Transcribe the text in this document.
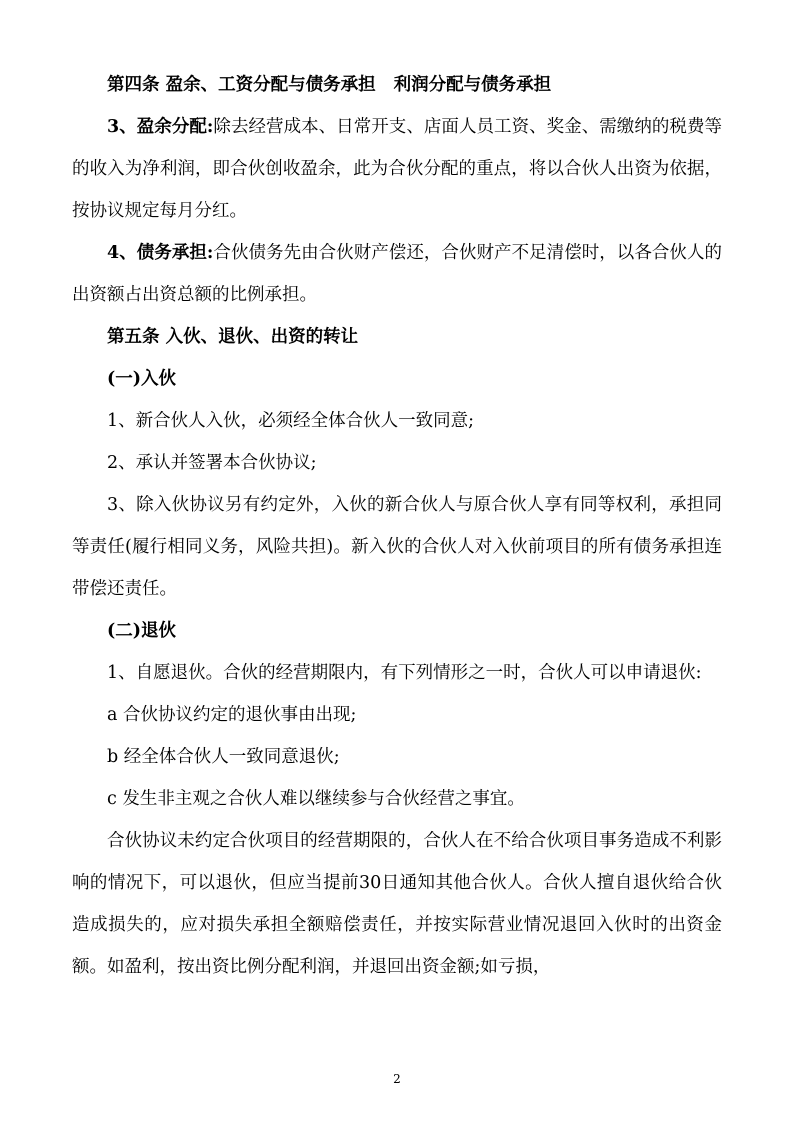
第四条 盈余、工资分配与债务承担 利润分配与债务承担

3、盈余分配:除去经营成本、日常开支、店面人员工资、奖金、需缴纳的税费等的收入为净利润，即合伙创收盈余，此为合伙分配的重点，将以合伙人出资为依据，按协议规定每月分红。

4、债务承担:合伙债务先由合伙财产偿还，合伙财产不足清偿时，以各合伙人的出资额占出资总额的比例承担。

第五条 入伙、退伙、出资的转让

(一)入伙

1、新合伙人入伙，必须经全体合伙人一致同意;

2、承认并签署本合伙协议;

3、除入伙协议另有约定外，入伙的新合伙人与原合伙人享有同等权利，承担同等责任(履行相同义务，风险共担)。新入伙的合伙人对入伙前项目的所有债务承担连带偿还责任。

(二)退伙

1、自愿退伙。合伙的经营期限内，有下列情形之一时，合伙人可以申请退伙:

a 合伙协议约定的退伙事由出现;

b 经全体合伙人一致同意退伙;

c 发生非主观之合伙人难以继续参与合伙经营之事宜。

合伙协议未约定合伙项目的经营期限的，合伙人在不给合伙项目事务造成不利影响的情况下，可以退伙，但应当提前30日通知其他合伙人。合伙人擅自退伙给合伙造成损失的，应对损失承担全额赔偿责任，并按实际营业情况退回入伙时的出资金额。如盈利，按出资比例分配利润，并退回出资金额;如亏损，

2
